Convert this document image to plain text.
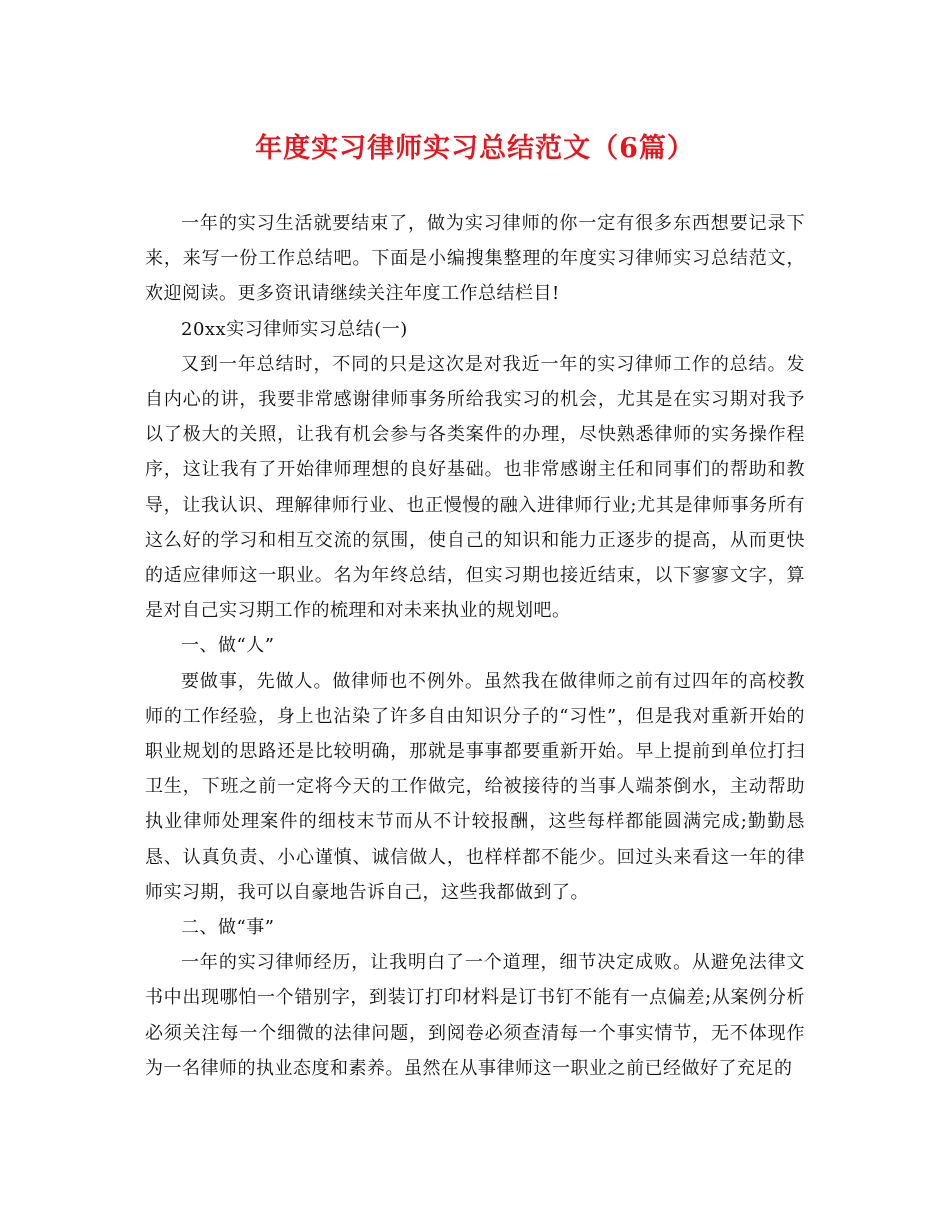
年度实习律师实习总结范文（6篇）

一年的实习生活就要结束了，做为实习律师的你一定有很多东西想要记录下来，来写一份工作总结吧。下面是小编搜集整理的年度实习律师实习总结范文，欢迎阅读。更多资讯请继续关注年度工作总结栏目!

20xx实习律师实习总结(一)

又到一年总结时，不同的只是这次是对我近一年的实习律师工作的总结。发自内心的讲，我要非常感谢律师事务所给我实习的机会，尤其是在实习期对我予以了极大的关照，让我有机会参与各类案件的办理，尽快熟悉律师的实务操作程序，这让我有了开始律师理想的良好基础。也非常感谢主任和同事们的帮助和教导，让我认识、理解律师行业、也正慢慢的融入进律师行业;尤其是律师事务所有这么好的学习和相互交流的氛围，使自己的知识和能力正逐步的提高，从而更快的适应律师这一职业。名为年终总结，但实习期也接近结束，以下寥寥文字，算是对自己实习期工作的梳理和对未来执业的规划吧。

一、做“人”

要做事，先做人。做律师也不例外。虽然我在做律师之前有过四年的高校教师的工作经验，身上也沾染了许多自由知识分子的“习性”，但是我对重新开始的职业规划的思路还是比较明确，那就是事事都要重新开始。早上提前到单位打扫卫生，下班之前一定将今天的工作做完，给被接待的当事人端茶倒水，主动帮助执业律师处理案件的细枝末节而从不计较报酬，这些每样都能圆满完成;勤勤恳恳、认真负责、小心谨慎、诚信做人，也样样都不能少。回过头来看这一年的律师实习期，我可以自豪地告诉自己，这些我都做到了。

二、做“事”

一年的实习律师经历，让我明白了一个道理，细节决定成败。从避免法律文书中出现哪怕一个错别字，到装订打印材料是订书钉不能有一点偏差;从案例分析必须关注每一个细微的法律问题，到阅卷必须查清每一个事实情节，无不体现作为一名律师的执业态度和素养。虽然在从事律师这一职业之前已经做好了充足的
